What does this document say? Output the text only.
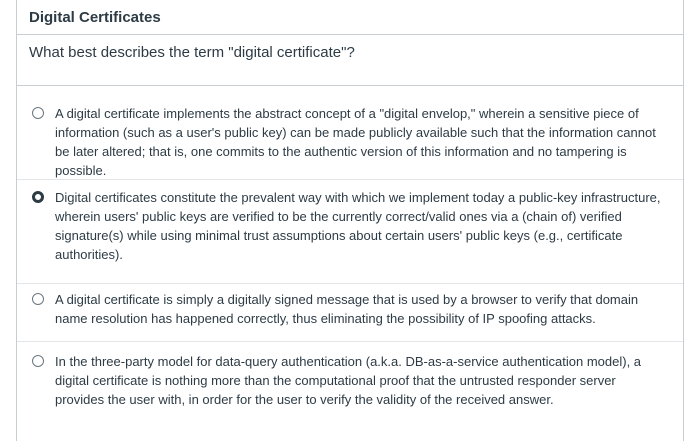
Digital Certificates
What best describes the term "digital certificate"?
A digital certificate implements the abstract concept of a "digital envelop," wherein a sensitive piece of information (such as a user's public key) can be made publicly available such that the information cannot be later altered; that is, one commits to the authentic version of this information and no tampering is possible.
Digital certificates constitute the prevalent way with which we implement today a public-key infrastructure, wherein users' public keys are verified to be the currently correct/valid ones via a (chain of) verified signature(s) while using minimal trust assumptions about certain users' public keys (e.g., certificate authorities).
A digital certificate is simply a digitally signed message that is used by a browser to verify that domain name resolution has happened correctly, thus eliminating the possibility of IP spoofing attacks.
In the three-party model for data-query authentication (a.k.a. DB-as-a-service authentication model), a digital certificate is nothing more than the computational proof that the untrusted responder server provides the user with, in order for the user to verify the validity of the received answer.
